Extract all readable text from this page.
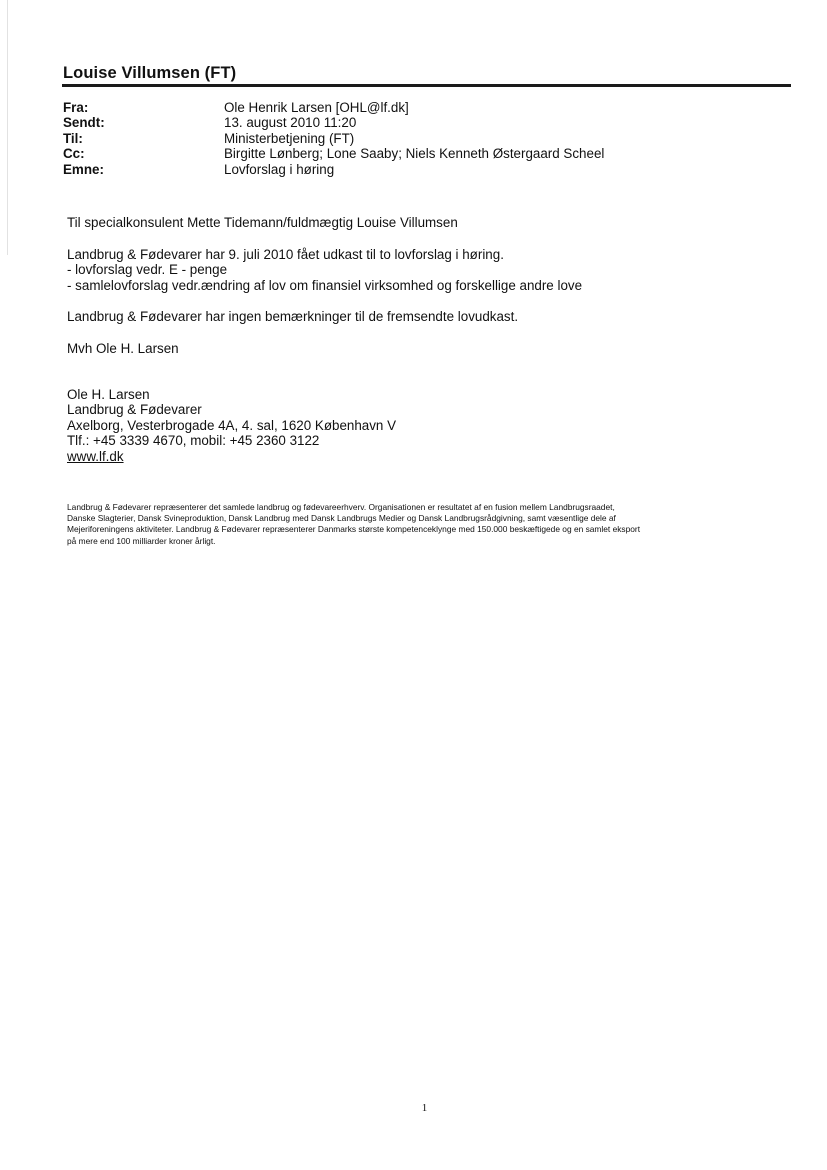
Louise Villumsen (FT)
Fra:	Ole Henrik Larsen [OHL@lf.dk]
Sendt:	13. august 2010 11:20
Til:	Ministerbetjening (FT)
Cc:	Birgitte Lønberg; Lone Saaby; Niels Kenneth Østergaard Scheel
Emne:	Lovforslag i høring

Til specialkonsulent Mette Tidemann/fuldmægtig Louise Villumsen

Landbrug & Fødevarer har 9. juli 2010 fået udkast til to lovforslag i høring.

- lovforslag vedr. E - penge

- samlelovforslag vedr.ændring af lov om finansiel virksomhed og forskellige andre love

Landbrug & Fødevarer har ingen bemærkninger til de fremsendte lovudkast.

Mvh Ole H. Larsen

Ole H. Larsen

Landbrug & Fødevarer

Axelborg, Vesterbrogade 4A, 4. sal, 1620 København V

Tlf.: +45 3339 4670, mobil: +45 2360 3122

www.lf.dk

Landbrug & Fødevarer repræsenterer det samlede landbrug og fødevareerhverv. Organisationen er resultatet af en fusion mellem Landbrugsraadet,
Danske Slagterier, Dansk Svineproduktion, Dansk Landbrug med Dansk Landbrugs Medier og Dansk Landbrugsrådgivning, samt væsentlige dele af
Mejeriforeningens aktiviteter. Landbrug & Fødevarer repræsenterer Danmarks største kompetenceklynge med 150.000 beskæftigede og en samlet eksport
på mere end 100 milliarder kroner årligt.
1
